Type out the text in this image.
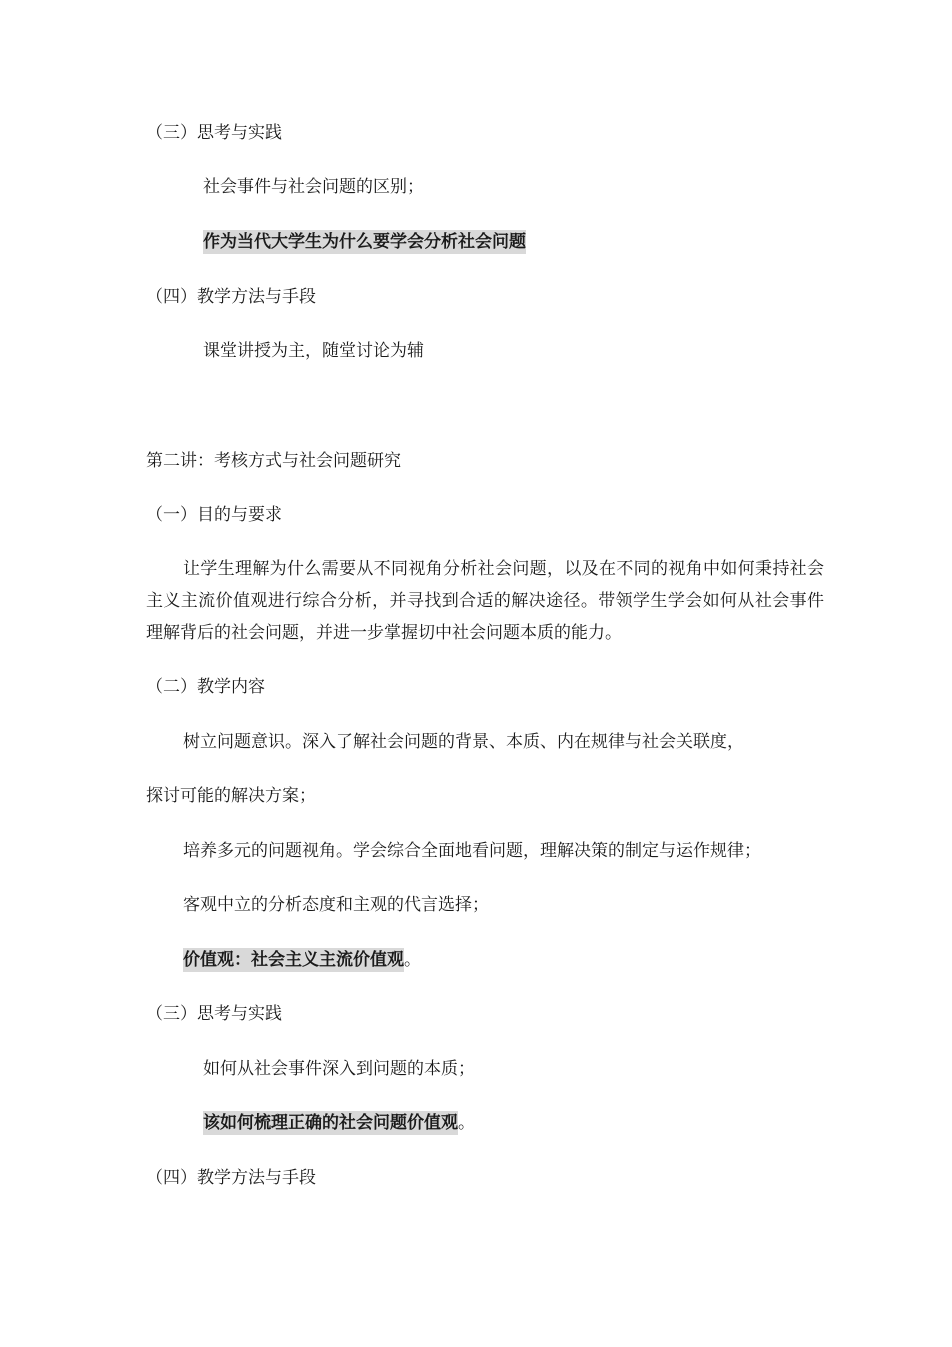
（三）思考与实践
社会事件与社会问题的区别；
作为当代大学生为什么要学会分析社会问题
（四）教学方法与手段
课堂讲授为主，随堂讨论为辅
第二讲：考核方式与社会问题研究
（一）目的与要求
让学生理解为什么需要从不同视角分析社会问题，以及在不同的视角中如何秉持社会主义主流价值观进行综合分析，并寻找到合适的解决途径。带领学生学会如何从社会事件理解背后的社会问题，并进一步掌握切中社会问题本质的能力。
（二）教学内容
树立问题意识。深入了解社会问题的背景、本质、内在规律与社会关联度，
探讨可能的解决方案；
培养多元的问题视角。学会综合全面地看问题，理解决策的制定与运作规律；
客观中立的分析态度和主观的代言选择；
价值观：社会主义主流价值观。
（三）思考与实践
如何从社会事件深入到问题的本质；
该如何梳理正确的社会问题价值观。
（四）教学方法与手段
